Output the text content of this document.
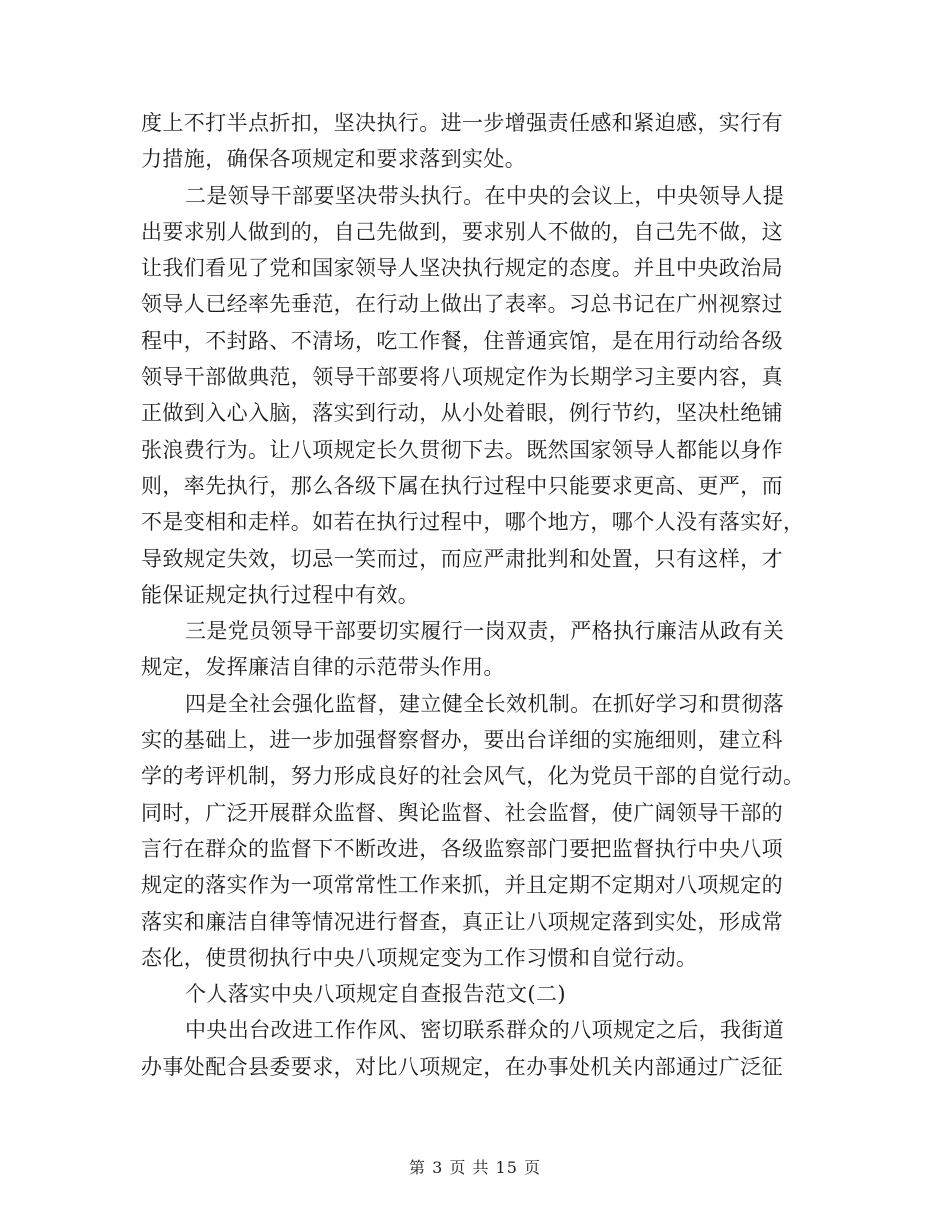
度上不打半点折扣，坚决执行。进一步增强责任感和紧迫感，实行有
力措施，确保各项规定和要求落到实处。
二是领导干部要坚决带头执行。在中央的会议上，中央领导人提
出要求别人做到的，自己先做到，要求别人不做的，自己先不做，这
让我们看见了党和国家领导人坚决执行规定的态度。并且中央政治局
领导人已经率先垂范，在行动上做出了表率。习总书记在广州视察过
程中，不封路、不清场，吃工作餐，住普通宾馆，是在用行动给各级
领导干部做典范，领导干部要将八项规定作为长期学习主要内容，真
正做到入心入脑，落实到行动，从小处着眼，例行节约，坚决杜绝铺
张浪费行为。让八项规定长久贯彻下去。既然国家领导人都能以身作
则，率先执行，那么各级下属在执行过程中只能要求更高、更严，而
不是变相和走样。如若在执行过程中，哪个地方，哪个人没有落实好，
导致规定失效，切忌一笑而过，而应严肃批判和处置，只有这样，才
能保证规定执行过程中有效。
三是党员领导干部要切实履行一岗双责，严格执行廉洁从政有关
规定，发挥廉洁自律的示范带头作用。
四是全社会强化监督，建立健全长效机制。在抓好学习和贯彻落
实的基础上，进一步加强督察督办，要出台详细的实施细则，建立科
学的考评机制，努力形成良好的社会风气，化为党员干部的自觉行动。
同时，广泛开展群众监督、舆论监督、社会监督，使广阔领导干部的
言行在群众的监督下不断改进，各级监察部门要把监督执行中央八项
规定的落实作为一项常常性工作来抓，并且定期不定期对八项规定的
落实和廉洁自律等情况进行督查，真正让八项规定落到实处，形成常
态化，使贯彻执行中央八项规定变为工作习惯和自觉行动。
个人落实中央八项规定自查报告范文(二)
中央出台改进工作作风、密切联系群众的八项规定之后，我街道
办事处配合县委要求，对比八项规定，在办事处机关内部通过广泛征
第 3 页 共 15 页
